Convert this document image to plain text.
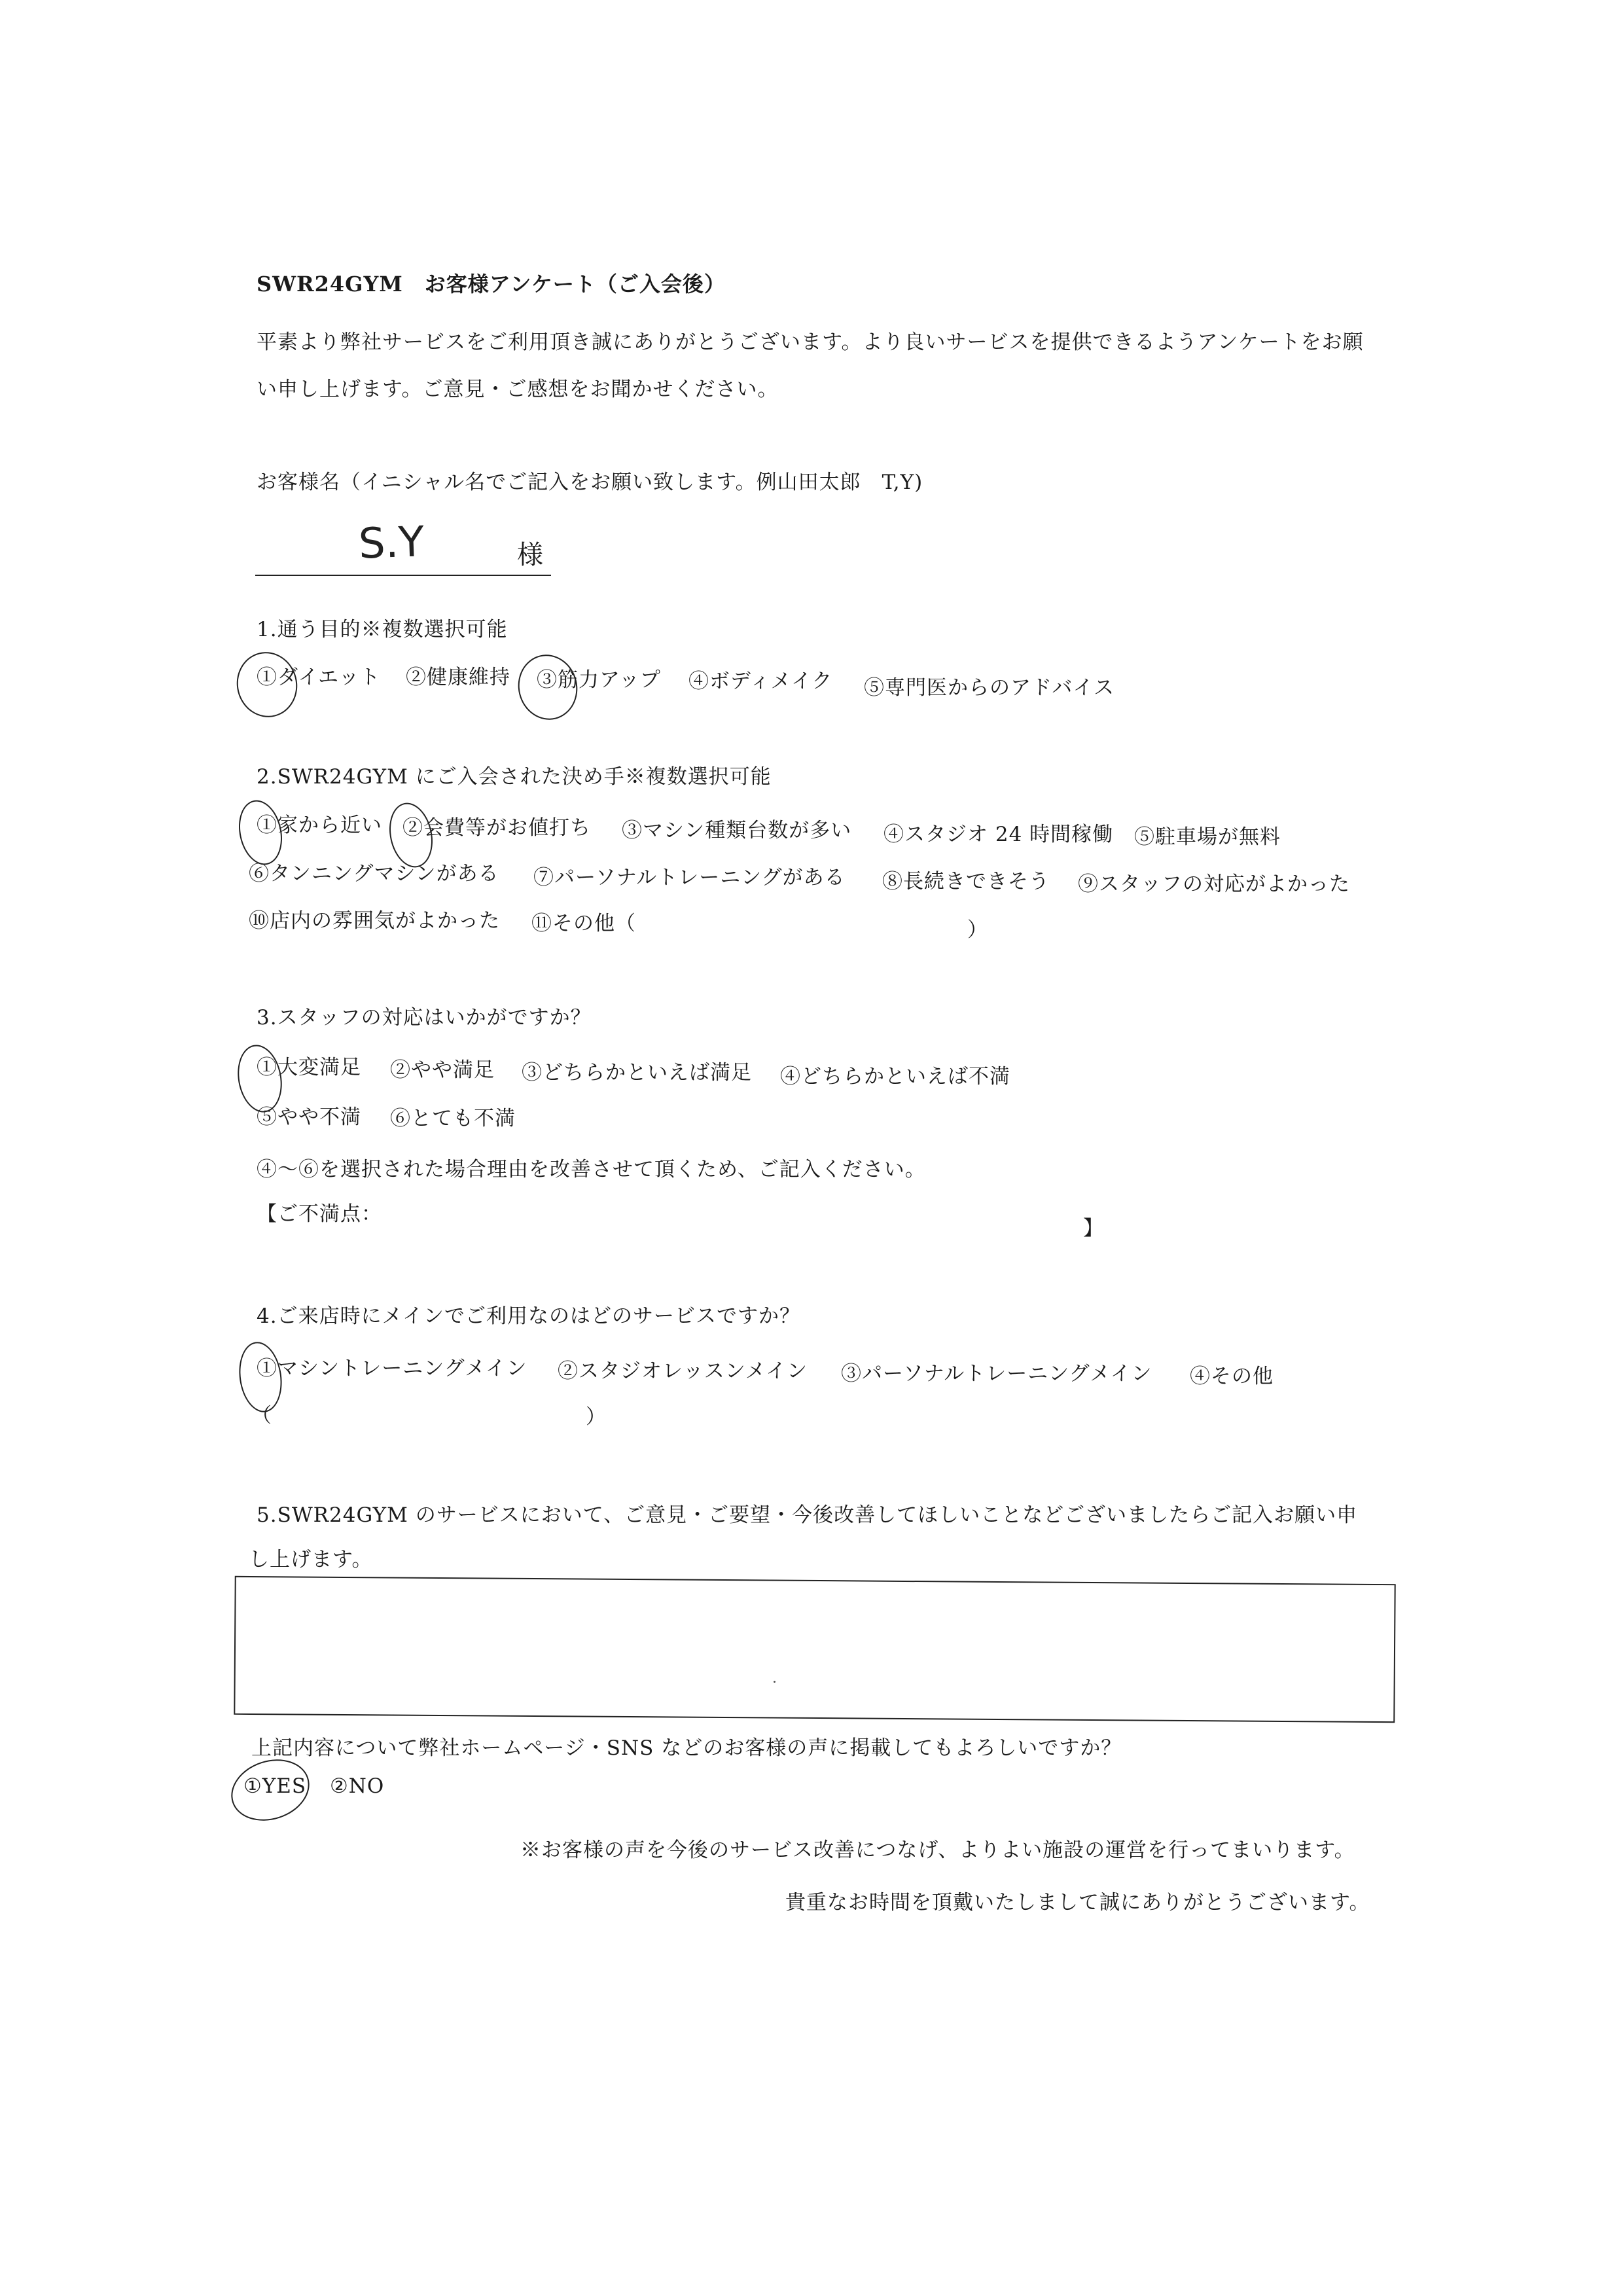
SWR24GYM　お客様アンケート（ご入会後）
平素より弊社サービスをご利用頂き誠にありがとうございます。より良いサービスを提供できるようアンケートをお願
い申し上げます。ご意見・ご感想をお聞かせください。
お客様名（イニシャル名でご記入をお願い致します。例山田太郎　T,Y)
S.Y	様
1.通う目的※複数選択可能
①ダイエット ②健康維持 ③筋力アップ ④ボディメイク ⑤専門医からのアドバイス
2.SWR24GYM にご入会された決め手※複数選択可能
①家から近い ②会費等がお値打ち ③マシン種類台数が多い ④スタジオ 24 時間稼働 ⑤駐車場が無料
⑥タンニングマシンがある ⑦パーソナルトレーニングがある ⑧長続きできそう ⑨スタッフの対応がよかった
⑩店内の雰囲気がよかった ⑪その他（	）
3.スタッフの対応はいかがですか？
①大変満足 ②やや満足 ③どちらかといえば満足 ④どちらかといえば不満
⑤やや不満 ⑥とても不満
④～⑥を選択された場合理由を改善させて頂くため、ご記入ください。
【ご不満点：
】
4.ご来店時にメインでご利用なのはどのサービスですか？
①マシントレーニングメイン ②スタジオレッスンメイン ③パーソナルトレーニングメイン ④その他
（	）
5.SWR24GYM のサービスにおいて、ご意見・ご要望・今後改善してほしいことなどございましたらご記入お願い申
し上げます。
上記内容について弊社ホームページ・SNS などのお客様の声に掲載してもよろしいですか？
①YES ②NO
※お客様の声を今後のサービス改善につなげ、よりよい施設の運営を行ってまいります。
貴重なお時間を頂戴いたしまして誠にありがとうございます。
